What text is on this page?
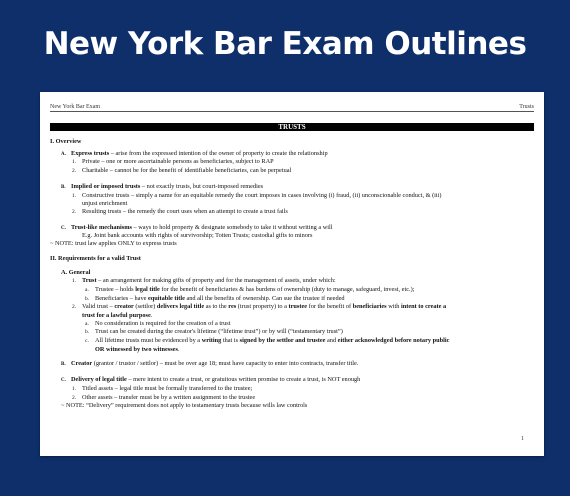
New York Bar Exam Outlines
New York Bar Exam	Trusts
TRUSTS
I. Overview
A. Express trusts – arise from the expressed intention of the owner of property to create the relationship
1. Private – one or more ascertainable persons as beneficiaries, subject to RAP
2. Charitable – cannot be for the benefit of identifiable beneficiaries, can be perpetual
B. Implied or imposed trusts – not exactly trusts, but court-imposed remedies
1. Constructive trusts – simply a name for an equitable remedy the court imposes in cases involving (i) fraud, (ii) unconscionable conduct, & (iii)
unjust enrichment
2. Resulting trusts – the remedy the court uses when an attempt to create a trust fails
C. Trust-like mechanisms – ways to hold property & designate somebody to take it without writing a will
E.g. Joint bank accounts with rights of survivorship; Totten Trusts; custodial gifts to minors
~ NOTE: trust law applies ONLY to express trusts
II. Requirements for a valid Trust
A. General
1. Trust – an arrangement for making gifts of property and for the management of assets, under which:
a. Trustee – holds legal title for the benefit of beneficiaries & has burdens of ownership (duty to manage, safeguard, invest, etc.);
b. Beneficiaries – have equitable title and all the benefits of ownership. Can sue the trustee if needed
2. Valid trust – creator (settlor) delivers legal title as to the res (trust property) to a trustee for the benefit of beneficiaries with intent to create a
trust for a lawful purpose.
a. No consideration is required for the creation of a trust
b. Trust can be created during the creator's lifetime (“lifetime trust”) or by will (“testamentary trust”)
c. All lifetime trusts must be evidenced by a writing that is signed by the settlor and trustee and either acknowledged before notary public
OR witnessed by two witnesses.
B. Creator (grantor / trustor / settlor) – must be over age 18; must have capacity to enter into contracts, transfer title.
C. Delivery of legal title – mere intent to create a trust, or gratuitous written promise to create a trust, is NOT enough
1. Titled assets – legal title must be formally transferred to the trustee;
2. Other assets – transfer must be by a written assignment to the trustee
~ NOTE: “Delivery” requirement does not apply to testamentary trusts because wills law controls
1
